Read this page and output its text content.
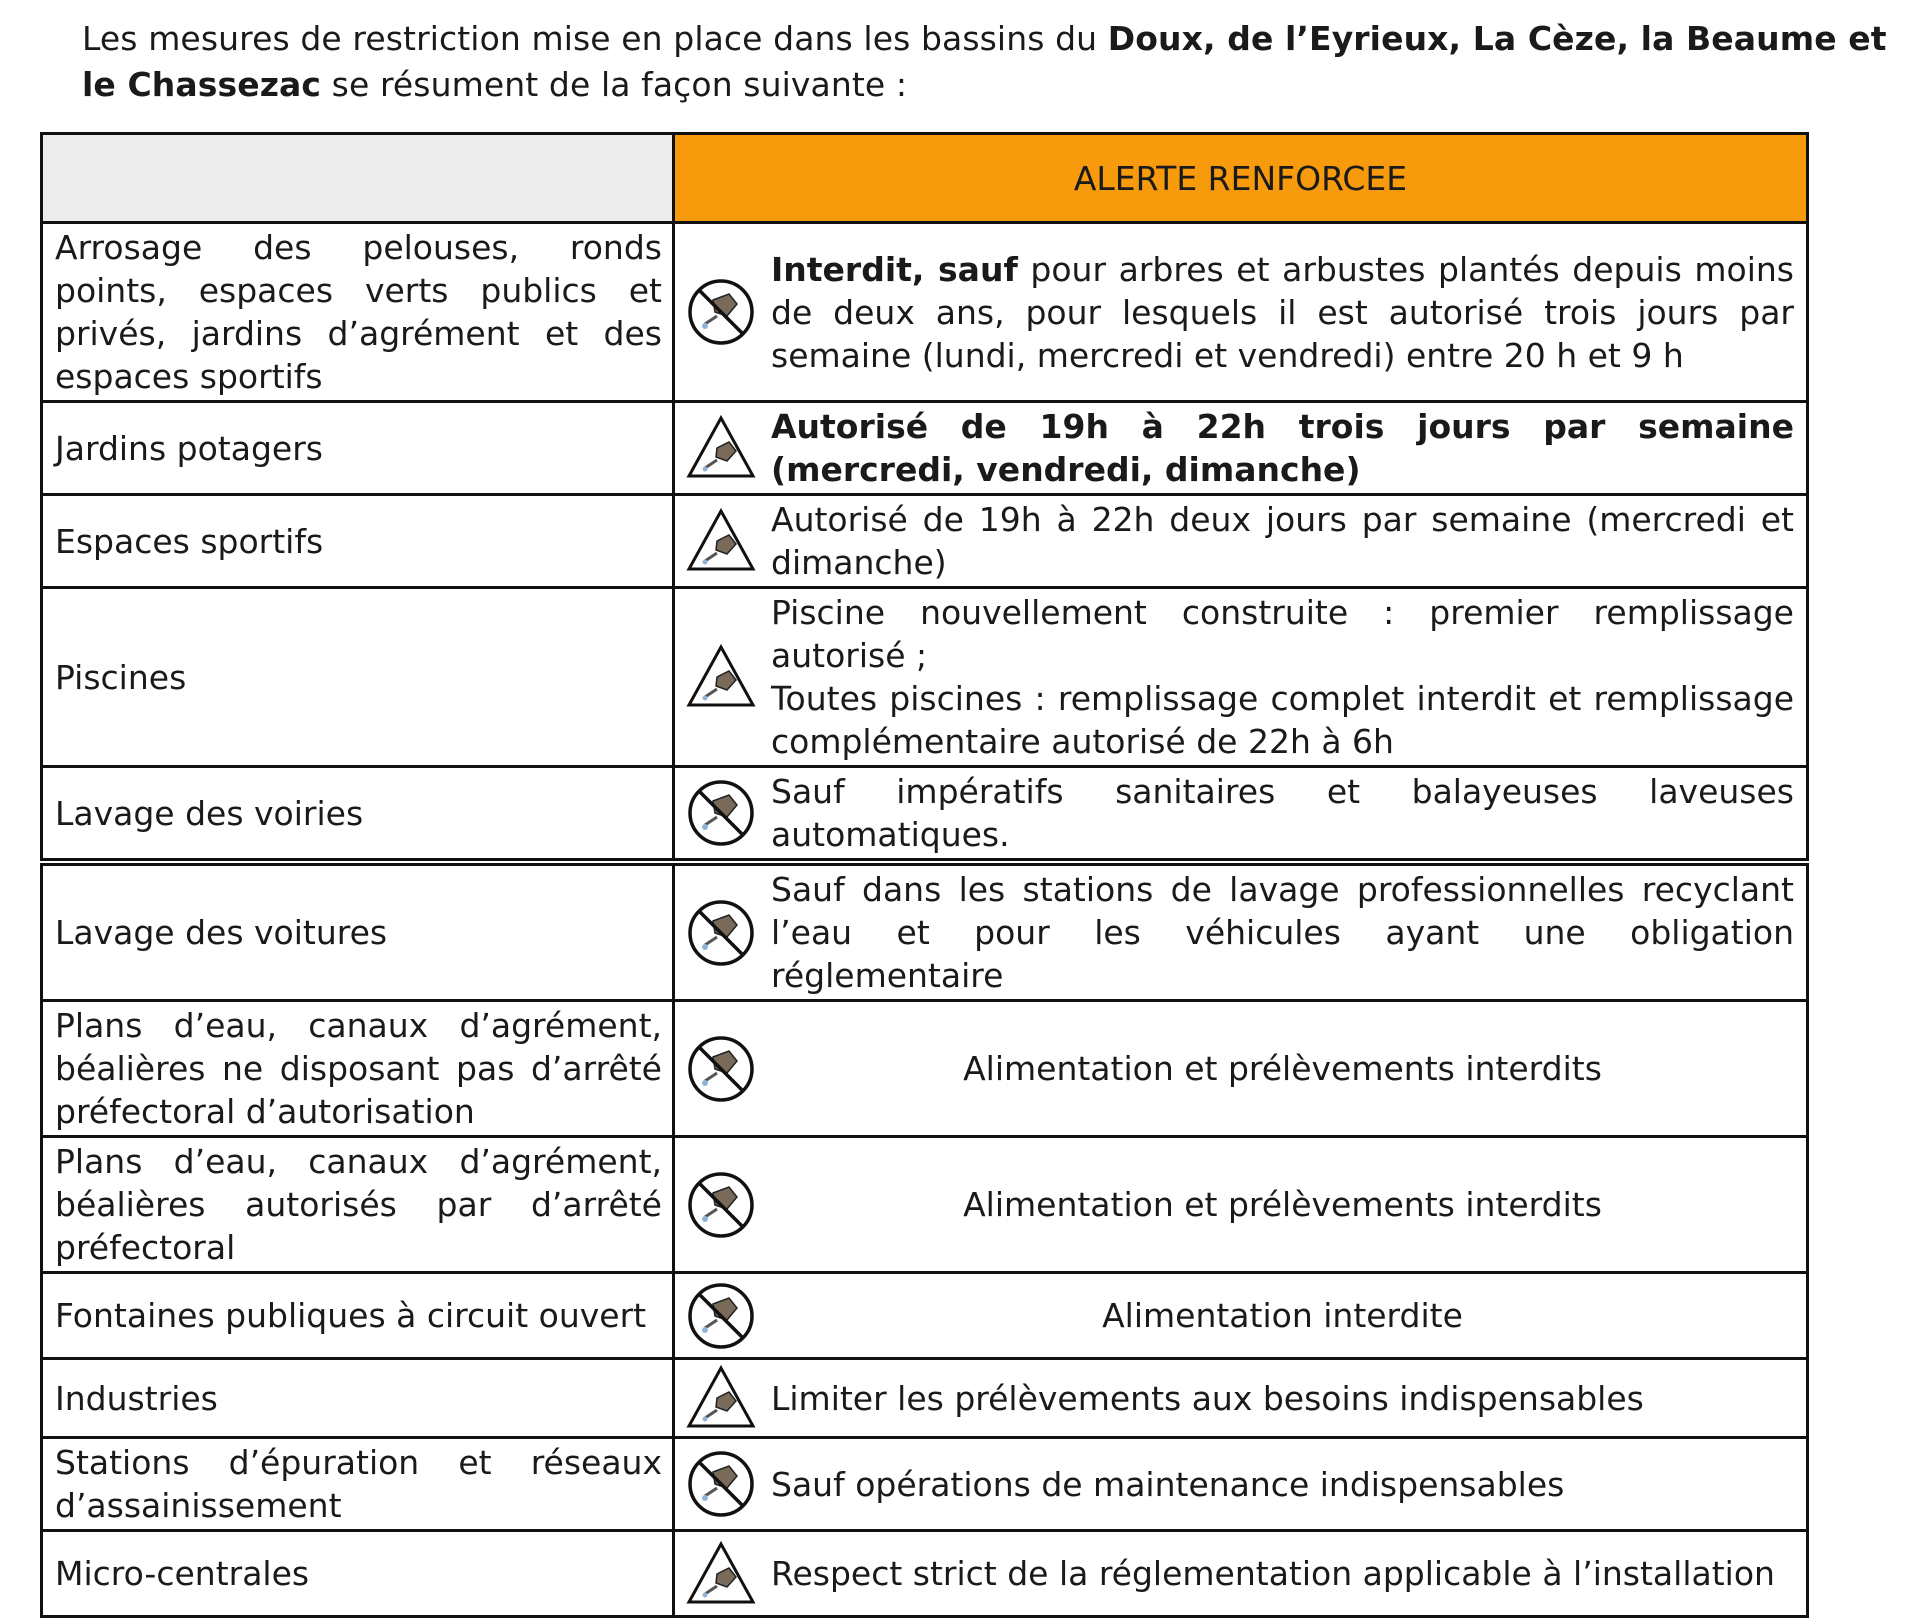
Les mesures de restriction mise en place dans les bassins du Doux, de l’Eyrieux, La Cèze, la Beaume et le Chassezac se résument de la façon suivante :
	ALERTE RENFORCEE
Arrosage des pelouses, ronds points, espaces verts publics et privés, jardins d’agrément et des espaces sportifs	Interdit, sauf pour arbres et arbustes plantés depuis moins de deux ans, pour lesquels il est autorisé trois jours par semaine (lundi, mercredi et vendredi) entre 20 h et 9 h

Jardins potagers	Autorisé de 19h à 22h trois jours par semaine (mercredi, vendredi, dimanche)

Espaces sportifs	Autorisé de 19h à 22h deux jours par semaine (mercredi et dimanche)

Piscines	Piscine nouvellement construite : premier remplissage autorisé ;
Toutes piscines : remplissage complet interdit et remplissage complémentaire autorisé de 22h à 6h

Lavage des voiries	Sauf impératifs sanitaires et balayeuses laveuses automatiques.

Lavage des voitures	Sauf dans les stations de lavage professionnelles recyclant l’eau et pour les véhicules ayant une obligation réglementaire

Plans d’eau, canaux d’agrément, béalières ne disposant pas d’arrêté préfectoral d’autorisation	Alimentation et prélèvements interdits

Plans d’eau, canaux d’agrément, béalières autorisés par d’arrêté préfectoral	Alimentation et prélèvements interdits

Fontaines publiques à circuit ouvert	Alimentation interdite

Industries	Limiter les prélèvements aux besoins indispensables

Stations d’épuration et réseaux d’assainissement	Sauf opérations de maintenance indispensables

Micro-centrales	Respect strict de la réglementation applicable à l’installation
